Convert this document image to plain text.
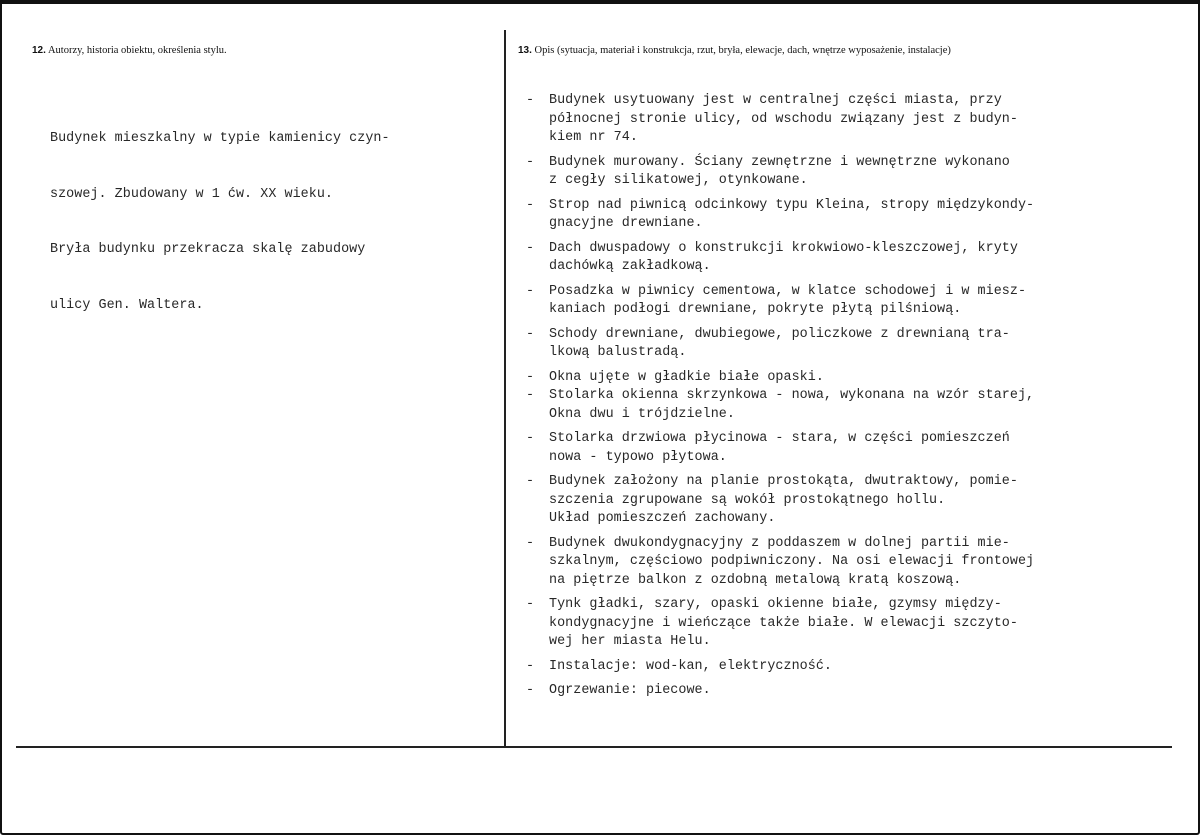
12. Autorzy, historia obiektu, określenia stylu.	13. Opis (sytuacja, materiał i konstrukcja, rzut, bryła, elewacje, dach, wnętrze wyposażenie, instalacje)

Budynek mieszkalny w typie kamienicy czyn-

szowej. Zbudowany w 1 ćw. XX wieku.

Bryła budynku przekracza skalę zabudowy

ulicy Gen. Waltera.

- Budynek usytuowany jest w centralnej części miasta, przy
północnej stronie ulicy, od wschodu związany jest z budyn-
kiem nr 74.
- Budynek murowany. Ściany zewnętrzne i wewnętrzne wykonano
z cegły silikatowej, otynkowane.
- Strop nad piwnicą odcinkowy typu Kleina, stropy międzykondy-
gnacyjne drewniane.
- Dach dwuspadowy o konstrukcji krokwiowo-kleszczowej, kryty
dachówką zakładkową.
- Posadzka w piwnicy cementowa, w klatce schodowej i w miesz-
kaniach podłogi drewniane, pokryte płytą pilśniową.
- Schody drewniane, dwubiegowe, policzkowe z drewnianą tra-
lkową balustradą.
- Okna ujęte w gładkie białe opaski.
- Stolarka okienna skrzynkowa - nowa, wykonana na wzór starej,
Okna dwu i trójdzielne.
- Stolarka drzwiowa płycinowa - stara, w części pomieszczeń
nowa - typowo płytowa.
- Budynek założony na planie prostokąta, dwutraktowy, pomie-
szczenia zgrupowane są wokół prostokątnego hollu.
Układ pomieszczeń zachowany.
- Budynek dwukondygnacyjny z poddaszem w dolnej partii mie-
szkalnym, częściowo podpiwniczony. Na osi elewacji frontowej
na piętrze balkon z ozdobną metalową kratą koszową.
- Tynk gładki, szary, opaski okienne białe, gzymsy między-
kondygnacyjne i wieńczące także białe. W elewacji szczyto-
wej her miasta Helu.
- Instalacje: wod-kan, elektryczność.
- Ogrzewanie: piecowe.
